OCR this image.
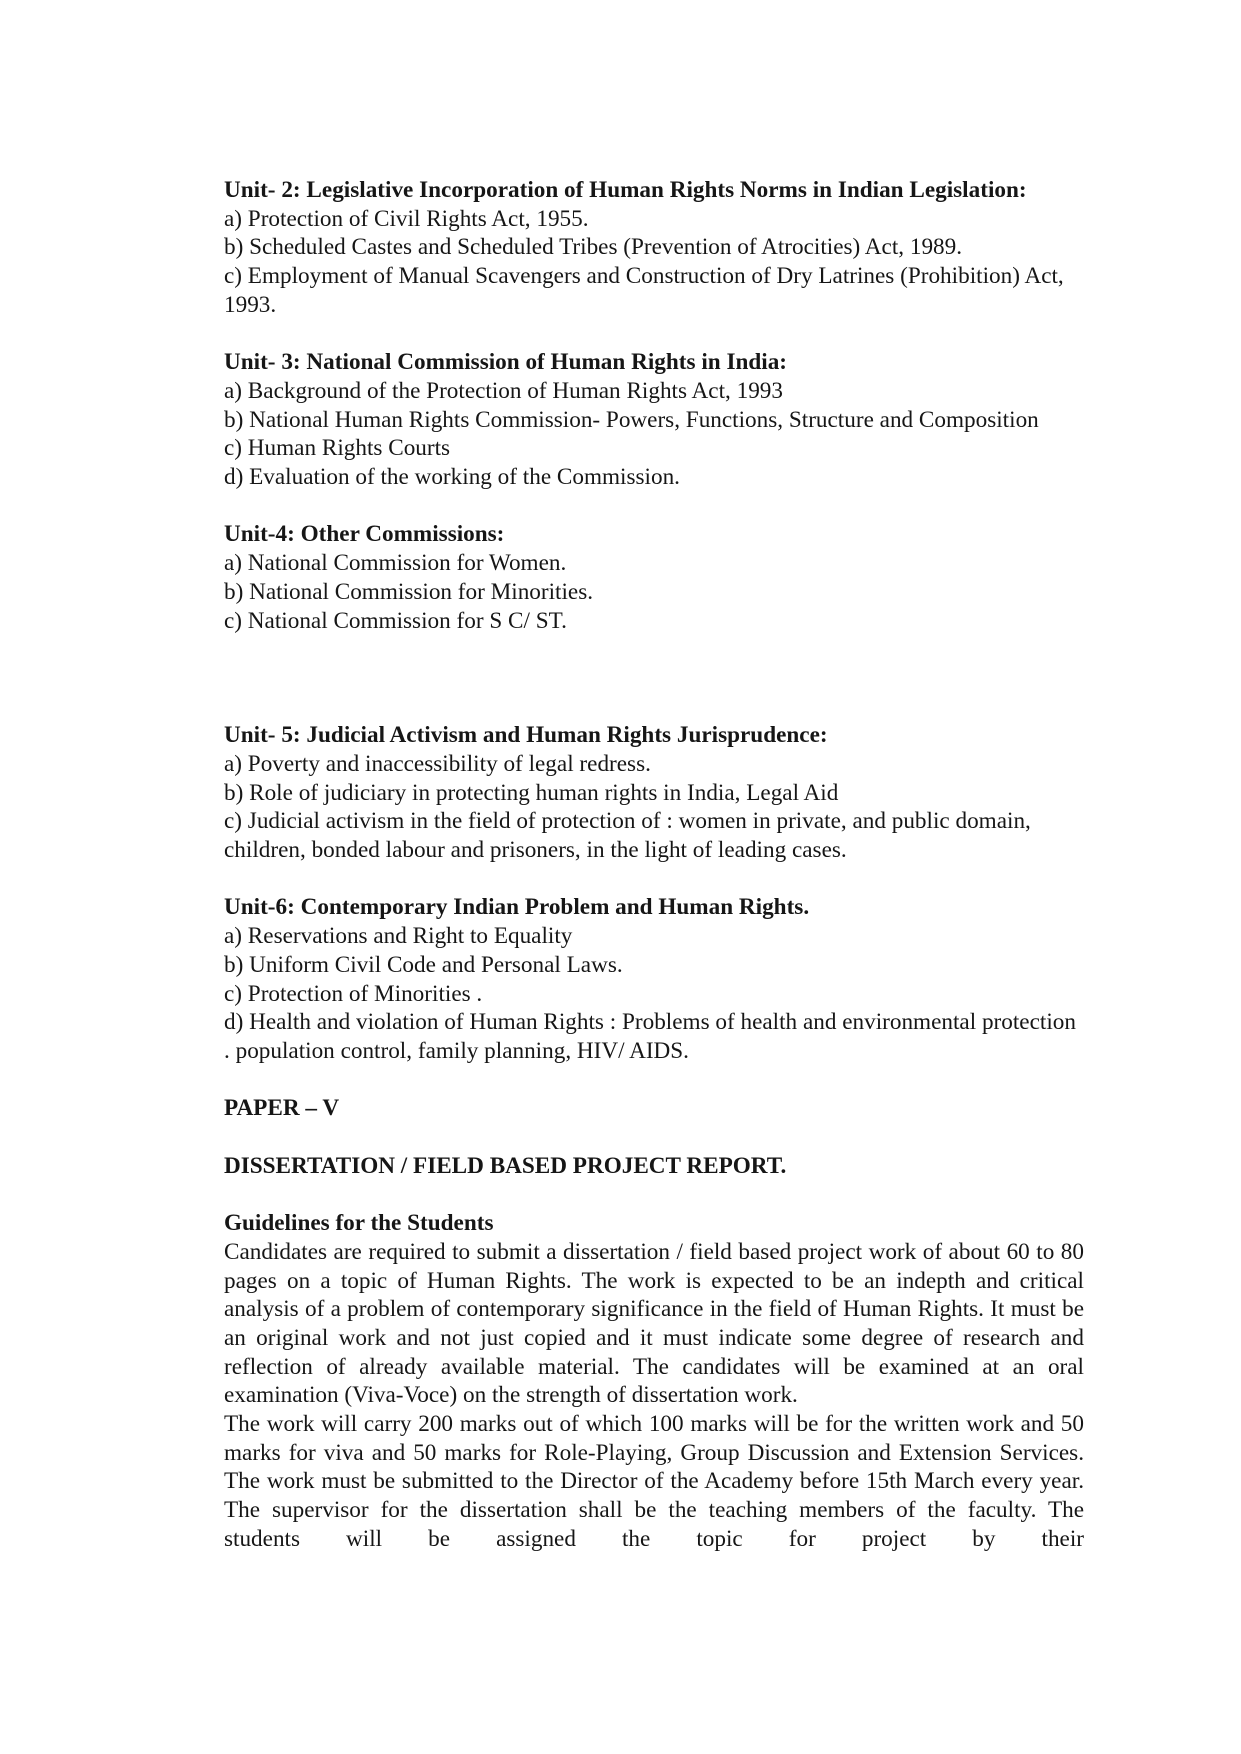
Unit- 2: Legislative Incorporation of Human Rights Norms in Indian Legislation:

a) Protection of Civil Rights Act, 1955.

b) Scheduled Castes and Scheduled Tribes (Prevention of Atrocities) Act, 1989.

c) Employment of Manual Scavengers and Construction of Dry Latrines (Prohibition) Act, 1993.

Unit- 3: National Commission of Human Rights in India:

a) Background of the Protection of Human Rights Act, 1993

b) National Human Rights Commission- Powers, Functions, Structure and Composition

c) Human Rights Courts

d) Evaluation of the working of the Commission.

Unit-4: Other Commissions:

a) National Commission for Women.

b) National Commission for Minorities.

c) National Commission for S C/ ST.

Unit- 5: Judicial Activism and Human Rights Jurisprudence:

a) Poverty and inaccessibility of legal redress.

b) Role of judiciary in protecting human rights in India, Legal Aid

c) Judicial activism in the field of protection of : women in private, and public domain, children, bonded labour and prisoners, in the light of leading cases.

Unit-6: Contemporary Indian Problem and Human Rights.

a) Reservations and Right to Equality

b) Uniform Civil Code and Personal Laws.

c) Protection of Minorities .

d) Health and violation of Human Rights : Problems of health and environmental protection . population control, family planning, HIV/ AIDS.

PAPER – V

DISSERTATION / FIELD BASED PROJECT REPORT.

Guidelines for the Students

Candidates are required to submit a dissertation / field based project work of about 60 to 80 pages on a topic of Human Rights. The work is expected to be an indepth and critical analysis of a problem of contemporary significance in the field of Human Rights. It must be an original work and not just copied and it must indicate some degree of research and reflection of already available material. The candidates will be examined at an oral examination (Viva-Voce) on the strength of dissertation work.

The work will carry 200 marks out of which 100 marks will be for the written work and 50 marks for viva and 50 marks for Role-Playing, Group Discussion and Extension Services. The work must be submitted to the Director of the Academy before 15th March every year. The supervisor for the dissertation shall be the teaching members of the faculty. The students will be assigned the topic for project by their
